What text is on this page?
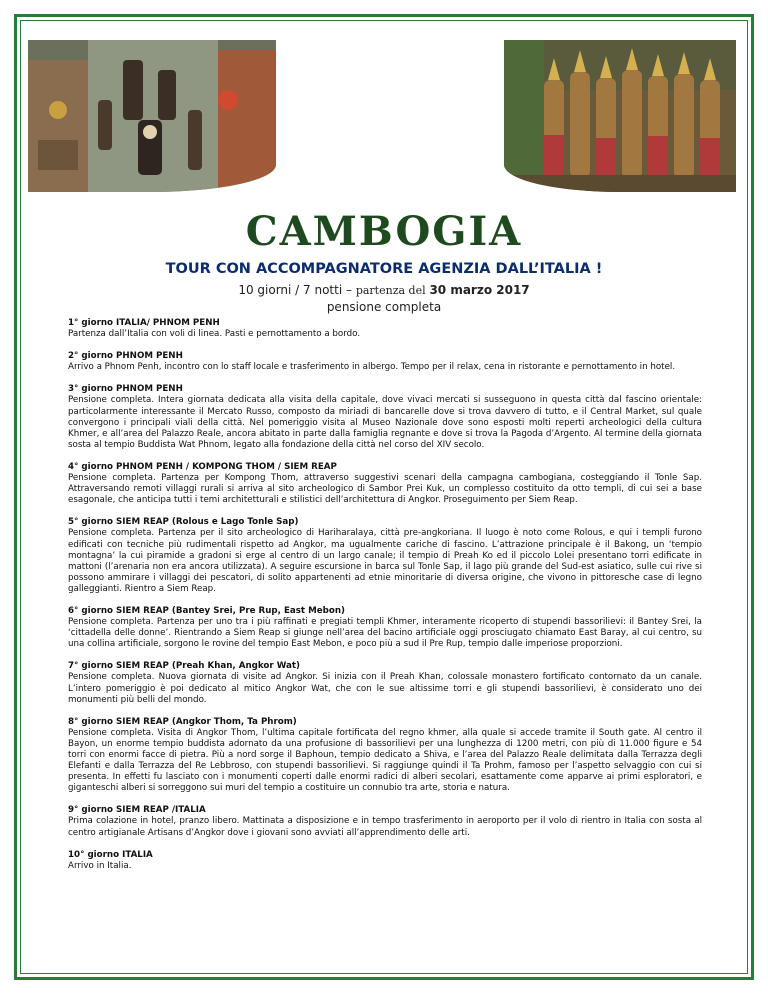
CAMBOGIA
TOUR CON ACCOMPAGNATORE AGENZIA DALL’ITALIA !
10 giorni / 7 notti – partenza del 30 marzo 2017
pensione completa
1° giorno ITALIA/ PHNOM PENH
Partenza dall’Italia con voli di linea. Pasti e pernottamento a bordo.
2° giorno PHNOM PENH
Arrivo a Phnom Penh, incontro con lo staff locale e trasferimento in albergo. Tempo per il relax, cena in ristorante e pernottamento in hotel.
3° giorno PHNOM PENH
Pensione completa. Intera giornata dedicata alla visita della capitale, dove vivaci mercati si susseguono in questa città dal fascino orientale: particolarmente interessante il Mercato Russo, composto da miriadi di bancarelle dove si trova davvero di tutto, e il Central Market, sul quale convergono i principali viali della città. Nel pomeriggio visita al Museo Nazionale dove sono esposti molti reperti archeologici della cultura Khmer, e all’area del Palazzo Reale, ancora abitato in parte dalla famiglia regnante e dove si trova la Pagoda d’Argento. Al termine della giornata sosta al tempio Buddista Wat Phnom, legato alla fondazione della città nel corso del XIV secolo.
4° giorno PHNOM PENH / KOMPONG THOM / SIEM REAP
Pensione completa. Partenza per Kompong Thom, attraverso suggestivi scenari della campagna cambogiana, costeggiando il Tonle Sap. Attraversando remoti villaggi rurali si arriva al sito archeologico di Sambor Prei Kuk, un complesso costituito da otto templi, di cui sei a base esagonale, che anticipa tutti i temi architetturali e stilistici dell’architettura di Angkor. Proseguimento per Siem Reap.
5° giorno SIEM REAP (Rolous e Lago Tonle Sap)
Pensione completa. Partenza per il sito archeologico di Hariharalaya, città pre-angkoriana. Il luogo è noto come Rolous, e qui i templi furono edificati con tecniche più rudimentali rispetto ad Angkor, ma ugualmente cariche di fascino. L’attrazione principale è il Bakong, un ‘tempio montagna’ la cui piramide a gradoni si erge al centro di un largo canale; il tempio di Preah Ko ed il piccolo Lolei presentano torri edificate in mattoni (l’arenaria non era ancora utilizzata). A seguire escursione in barca sul Tonle Sap, il lago più grande del Sud-est asiatico, sulle cui rive si possono ammirare i villaggi dei pescatori, di solito appartenenti ad etnie minoritarie di diversa origine, che vivono in pittoresche case di legno galleggianti. Rientro a Siem Reap.
6° giorno SIEM REAP (Bantey Srei, Pre Rup, East Mebon)
Pensione completa. Partenza per uno tra i più raffinati e pregiati templi Khmer, interamente ricoperto di stupendi bassorilievi: il Bantey Srei, la ‘cittadella delle donne’. Rientrando a Siem Reap si giunge nell’area del bacino artificiale oggi prosciugato chiamato East Baray, al cui centro, su una collina artificiale, sorgono le rovine del tempio East Mebon, e poco più a sud il Pre Rup, tempio dalle imperiose proporzioni.
7° giorno SIEM REAP (Preah Khan, Angkor Wat)
Pensione completa. Nuova giornata di visite ad Angkor. Si inizia con il Preah Khan, colossale monastero fortificato contornato da un canale. L’intero pomeriggio è poi dedicato al mitico Angkor Wat, che con le sue altissime torri e gli stupendi bassorilievi, è considerato uno dei monumenti più belli del mondo.
8° giorno SIEM REAP (Angkor Thom, Ta Phrom)
Pensione completa. Visita di Angkor Thom, l’ultima capitale fortificata del regno khmer, alla quale si accede tramite il South gate. Al centro il Bayon, un enorme tempio buddista adornato da una profusione di bassorilievi per una lunghezza di 1200 metri, con più di 11.000 figure e 54 torri con enormi facce di pietra. Più a nord sorge il Baphoun, tempio dedicato a Shiva, e l’area del Palazzo Reale delimitata dalla Terrazza degli Elefanti e dalla Terrazza del Re Lebbroso, con stupendi bassorilievi. Si raggiunge quindi il Ta Prohm, famoso per l’aspetto selvaggio con cui si presenta. In effetti fu lasciato con i monumenti coperti dalle enormi radici di alberi secolari, esattamente come apparve ai primi esploratori, e giganteschi alberi si sorreggono sui muri del tempio a costituire un connubio tra arte, storia e natura.
9° giorno SIEM REAP /ITALIA
Prima colazione in hotel, pranzo libero. Mattinata a disposizione e in tempo trasferimento in aeroporto per il volo di rientro in Italia con sosta al centro artigianale Artisans d’Angkor dove i giovani sono avviati all’apprendimento delle arti.
10° giorno ITALIA
Arrivo in Italia.
